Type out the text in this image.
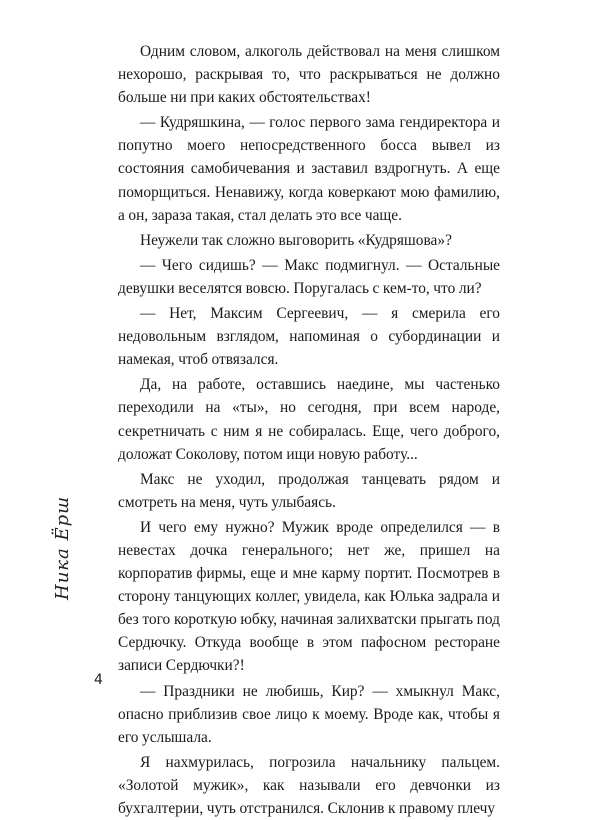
Ника Ёрш

Одним словом, алкоголь действовал на меня слишком нехорошо, раскрывая то, что раскрываться не должно больше ни при каких обстоятельствах!

— Кудряшкина, — голос первого зама гендиректора и попутно моего непосредственного босса вывел из состояния самобичевания и заставил вздрогнуть. А еще поморщиться. Ненавижу, когда коверкают мою фамилию, а он, зараза такая, стал делать это все чаще.

Неужели так сложно выговорить «Кудряшова»?

— Чего сидишь? — Макс подмигнул. — Остальные девушки веселятся вовсю. Поругалась с кем-то, что ли?

— Нет, Максим Сергеевич, — я смерила его недовольным взглядом, напоминая о субординации и намекая, чтоб отвязался.

Да, на работе, оставшись наедине, мы частенько переходили на «ты», но сегодня, при всем народе, секретничать с ним я не собиралась. Еще, чего доброго, доложат Соколову, потом ищи новую работу...

Макс не уходил, продолжая танцевать рядом и смотреть на меня, чуть улыбаясь.

И чего ему нужно? Мужик вроде определился — в невестах дочка генерального; нет же, пришел на корпоратив фирмы, еще и мне карму портит. Посмотрев в сторону танцующих коллег, увидела, как Юлька задрала и без того короткую юбку, начиная залихватски прыгать под Сердючку. Откуда вообще в этом пафосном ресторане записи Сердючки?!

— Праздники не любишь, Кир? — хмыкнул Макс, опасно приблизив свое лицо к моему. Вроде как, чтобы я его услышала.

Я нахмурилась, погрозила начальнику пальцем. «Золотой мужик», как называли его девчонки из бухгалтерии, чуть отстранился. Склонив к правому плечу

4
